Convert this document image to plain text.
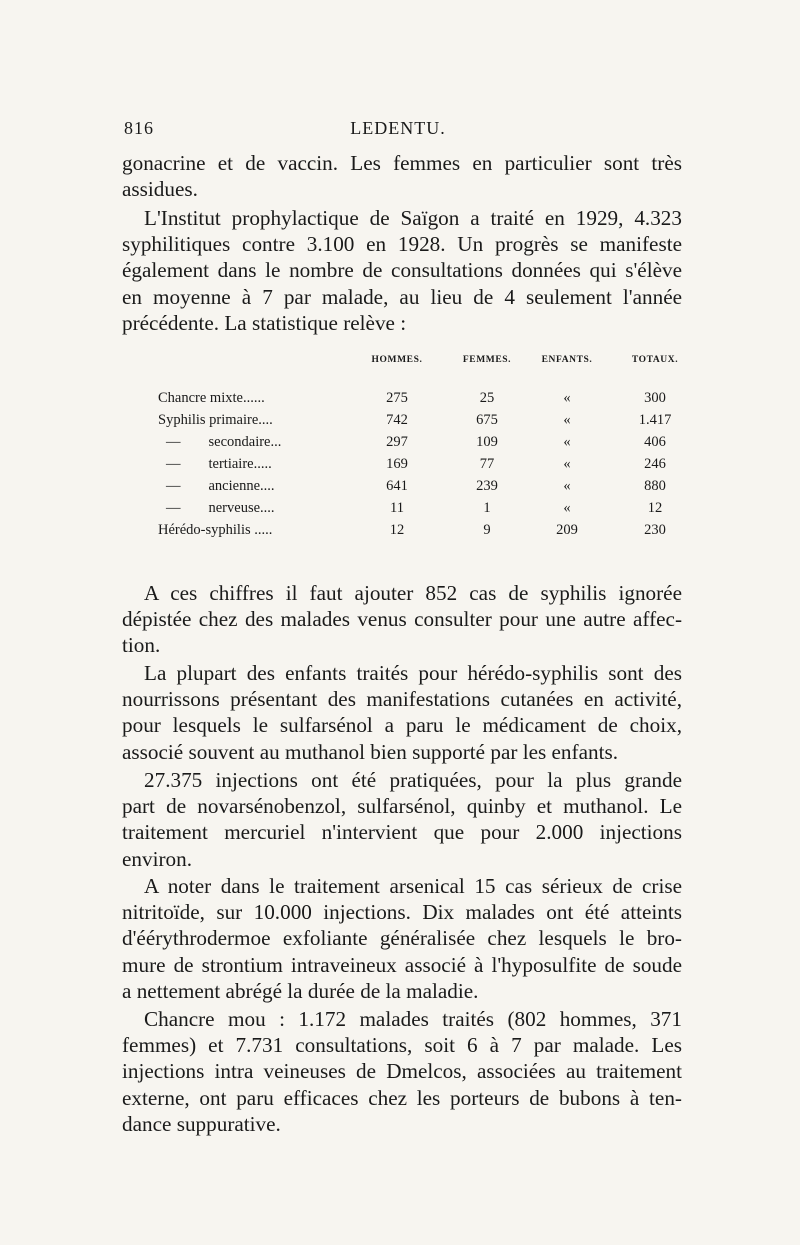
816	LEDENTU.
gonacrine et de vaccin. Les femmes en particulier sont très
assidues.
L'Institut prophylactique de Saïgon a traité en 1929, 4.323
syphilitiques contre 3.100 en 1928. Un progrès se manifeste
également dans le nombre de consultations données qui s'élève
en moyenne à 7 par malade, au lieu de 4 seulement l'année
précédente. La statistique relève :
	HOMMES.	FEMMES.	ENFANTS.	TOTAUX.
Chancre mixte......	275	25	«	300
Syphilis primaire....	742	675	«	1.417
— secondaire...	297	109	«	406
— tertiaire.....	169	77	«	246
— ancienne....	641	239	«	880
— nerveuse....	11	1	«	12
Hérédo-syphilis .....	12	9	209	230
A ces chiffres il faut ajouter 852 cas de syphilis ignorée
dépistée chez des malades venus consulter pour une autre affec-
tion.
La plupart des enfants traités pour hérédo-syphilis sont des
nourrissons présentant des manifestations cutanées en activité,
pour lesquels le sulfarsénol a paru le médicament de choix,
associé souvent au muthanol bien supporté par les enfants.
27.375 injections ont été pratiquées, pour la plus grande
part de novarsénobenzol, sulfarsénol, quinby et muthanol. Le
traitement mercuriel n'intervient que pour 2.000 injections
environ.
A noter dans le traitement arsenical 15 cas sérieux de crise
nitritoïde, sur 10.000 injections. Dix malades ont été atteints
d'éérythrodermoe exfoliante généralisée chez lesquels le bro-
mure de strontium intraveineux associé à l'hyposulfite de soude
a nettement abrégé la durée de la maladie.
Chancre mou : 1.172 malades traités (802 hommes, 371
femmes) et 7.731 consultations, soit 6 à 7 par malade. Les
injections intra veineuses de Dmelcos, associées au traitement
externe, ont paru efficaces chez les porteurs de bubons à ten-
dance suppurative.
